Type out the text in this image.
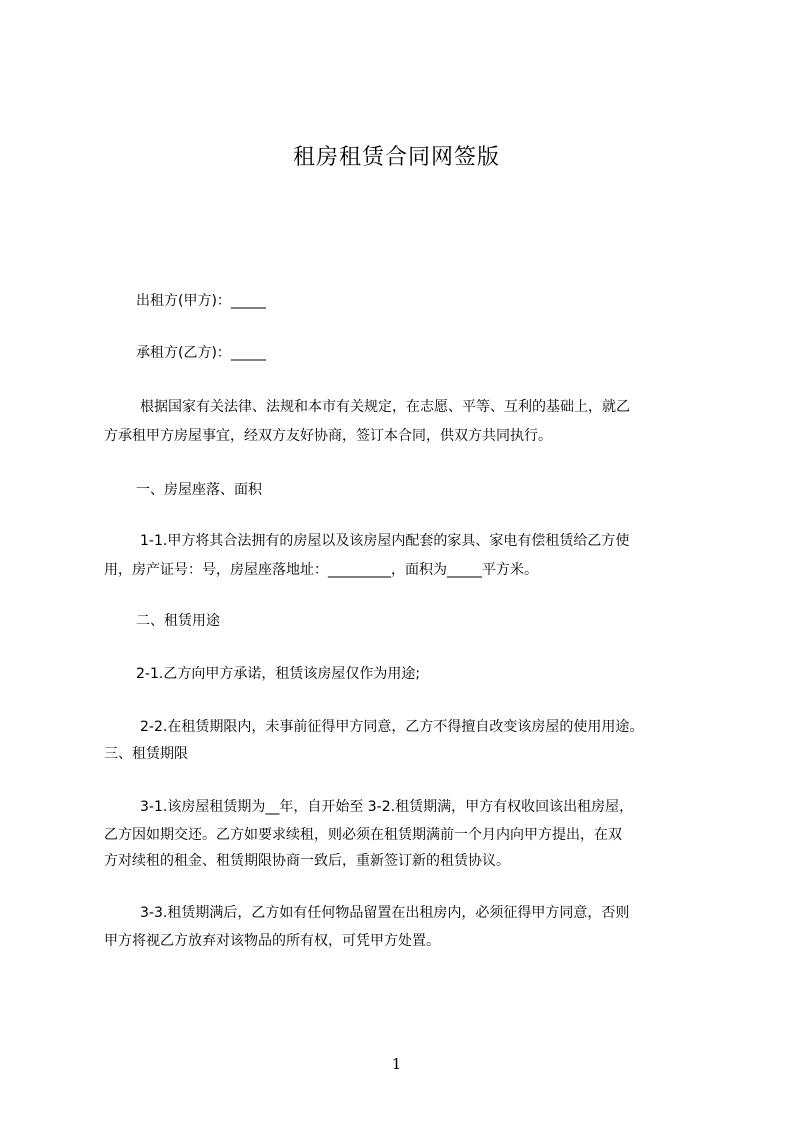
租房租赁合同网签版
出租方(甲方)：_____
承租方(乙方)：_____
根据国家有关法律、法规和本市有关规定，在志愿、平等、互利的基础上，就乙
方承租甲方房屋事宜，经双方友好协商，签订本合同，供双方共同执行。
一、房屋座落、面积
1-1.甲方将其合法拥有的房屋以及该房屋内配套的家具、家电有偿租赁给乙方使
用，房产证号：号，房屋座落地址：_________，面积为_____平方米。
二、租赁用途
2-1.乙方向甲方承诺，租赁该房屋仅作为用途;
2-2.在租赁期限内，未事前征得甲方同意，乙方不得擅自改变该房屋的使用用途。
三、租赁期限
3-1.该房屋租赁期为__年，自开始至 3-2.租赁期满，甲方有权收回该出租房屋，
乙方因如期交还。乙方如要求续租，则必须在租赁期满前一个月内向甲方提出，在双
方对续租的租金、租赁期限协商一致后，重新签订新的租赁协议。
3-3.租赁期满后，乙方如有任何物品留置在出租房内，必须征得甲方同意，否则
甲方将视乙方放弃对该物品的所有权，可凭甲方处置。
1
